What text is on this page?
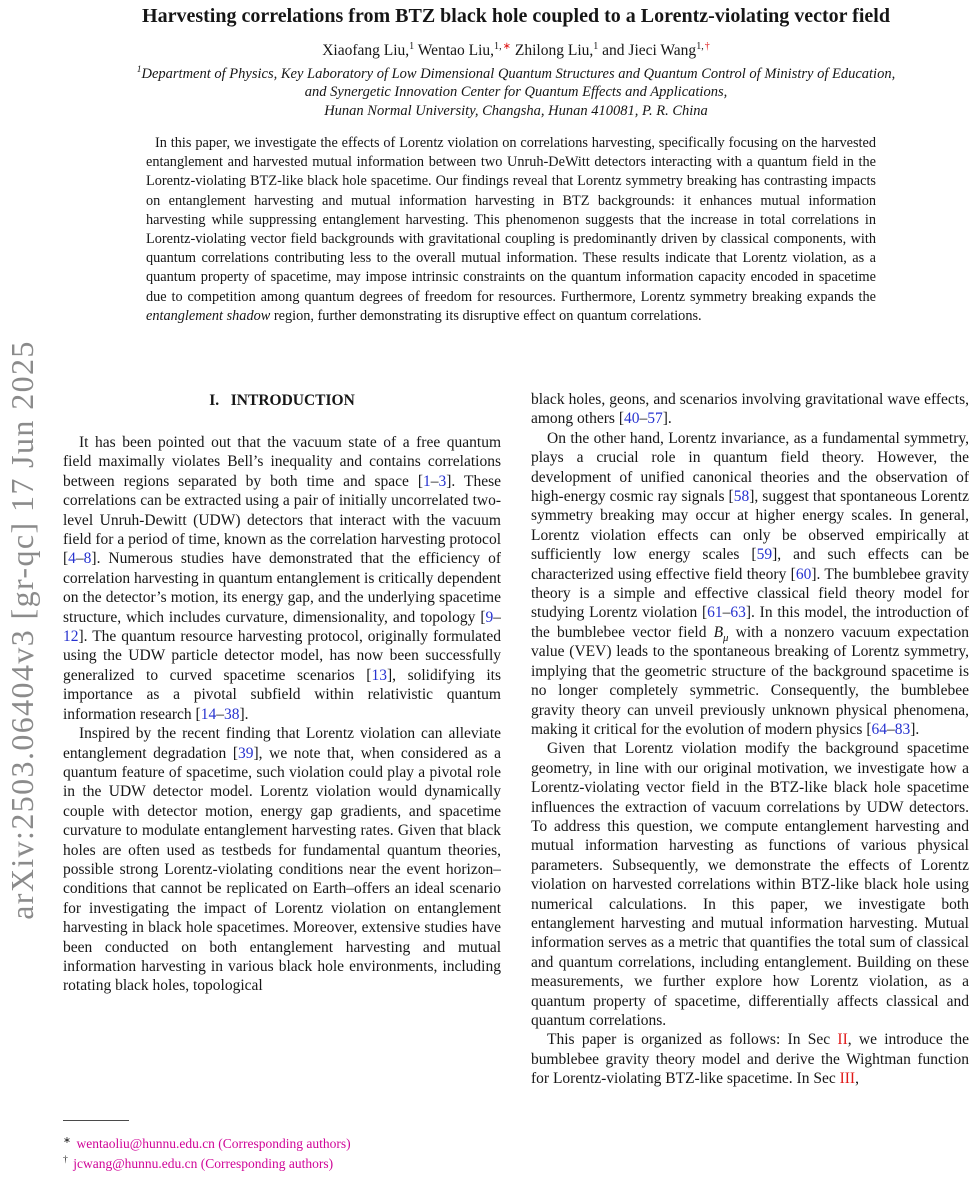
arXiv:2503.06404v3 [gr-qc] 17 Jun 2025
Harvesting correlations from BTZ black hole coupled to a Lorentz-violating vector field
Xiaofang Liu,$^1$ Wentao Liu,$^{1,∗}$ Zhilong Liu,$^1$ and Jieci Wang$^{1,\dagger}$
$^1$Department of Physics, Key Laboratory of Low Dimensional Quantum Structures and Quantum Control of Ministry of Education,
and Synergetic Innovation Center for Quantum Effects and Applications,
Hunan Normal University, Changsha, Hunan 410081, P. R. China
In this paper, we investigate the effects of Lorentz violation on correlations harvesting, specifically focusing on the harvested entanglement and harvested mutual information between two Unruh-DeWitt detectors interacting with a quantum field in the Lorentz-violating BTZ-like black hole spacetime. Our findings reveal that Lorentz symmetry breaking has contrasting impacts on entanglement harvesting and mutual information harvesting in BTZ backgrounds: it enhances mutual information harvesting while suppressing entanglement harvesting. This phenomenon suggests that the increase in total correlations in Lorentz-violating vector field backgrounds with gravitational coupling is predominantly driven by classical components, with quantum correlations contributing less to the overall mutual information. These results indicate that Lorentz violation, as a quantum property of spacetime, may impose intrinsic constraints on the quantum information capacity encoded in spacetime due to competition among quantum degrees of freedom for resources. Furthermore, Lorentz symmetry breaking expands the entanglement shadow region, further demonstrating its disruptive effect on quantum correlations.
I.   INTRODUCTION

It has been pointed out that the vacuum state of a free quantum field maximally violates Bell’s inequality and contains correlations between regions separated by both time and space [1–3]. These correlations can be extracted using a pair of initially uncorrelated two-level Unruh-Dewitt (UDW) detectors that interact with the vacuum field for a period of time, known as the correlation harvesting protocol [4–8]. Numerous studies have demonstrated that the efficiency of correlation harvesting in quantum entanglement is critically dependent on the detector’s motion, its energy gap, and the underlying spacetime structure, which includes curvature, dimensionality, and topology [9–12]. The quantum resource harvesting protocol, originally formulated using the UDW particle detector model, has now been successfully generalized to curved spacetime scenarios [13], solidifying its importance as a pivotal subfield within relativistic quantum information research [14–38].

Inspired by the recent finding that Lorentz violation can alleviate entanglement degradation [39], we note that, when considered as a quantum feature of spacetime, such violation could play a pivotal role in the UDW detector model. Lorentz violation would dynamically couple with detector motion, energy gap gradients, and spacetime curvature to modulate entanglement harvesting rates. Given that black holes are often used as testbeds for fundamental quantum theories, possible strong Lorentz-violating conditions near the event horizon–conditions that cannot be replicated on Earth–offers an ideal scenario for investigating the impact of Lorentz violation on entanglement harvesting in black hole spacetimes. Moreover, extensive studies have been conducted on both entanglement harvesting and mutual information harvesting in various black hole environments, including rotating black holes, topological

black holes, geons, and scenarios involving gravitational wave effects, among others [40–57].

On the other hand, Lorentz invariance, as a fundamental symmetry, plays a crucial role in quantum field theory. However, the development of unified canonical theories and the observation of high-energy cosmic ray signals [58], suggest that spontaneous Lorentz symmetry breaking may occur at higher energy scales. In general, Lorentz violation effects can only be observed empirically at sufficiently low energy scales [59], and such effects can be characterized using effective field theory [60]. The bumblebee gravity theory is a simple and effective classical field theory model for studying Lorentz violation [61–63]. In this model, the introduction of the bumblebee vector field $B_\mu$ with a nonzero vacuum expectation value (VEV) leads to the spontaneous breaking of Lorentz symmetry, implying that the geometric structure of the background spacetime is no longer completely symmetric. Consequently, the bumblebee gravity theory can unveil previously unknown physical phenomena, making it critical for the evolution of modern physics [64–83].

Given that Lorentz violation modify the background spacetime geometry, in line with our original motivation, we investigate how a Lorentz-violating vector field in the BTZ-like black hole spacetime influences the extraction of vacuum correlations by UDW detectors. To address this question, we compute entanglement harvesting and mutual information harvesting as functions of various physical parameters. Subsequently, we demonstrate the effects of Lorentz violation on harvested correlations within BTZ-like black hole using numerical calculations. In this paper, we investigate both entanglement harvesting and mutual information harvesting. Mutual information serves as a metric that quantifies the total sum of classical and quantum correlations, including entanglement. Building on these measurements, we further explore how Lorentz violation, as a quantum property of spacetime, differentially affects classical and quantum correlations.

This paper is organized as follows: In Sec II, we introduce the bumblebee gravity theory model and derive the Wightman function for Lorentz-violating BTZ-like spacetime. In Sec III,

∗ wentaoliu@hunnu.edu.cn (Corresponding authors)

† jcwang@hunnu.edu.cn (Corresponding authors)
